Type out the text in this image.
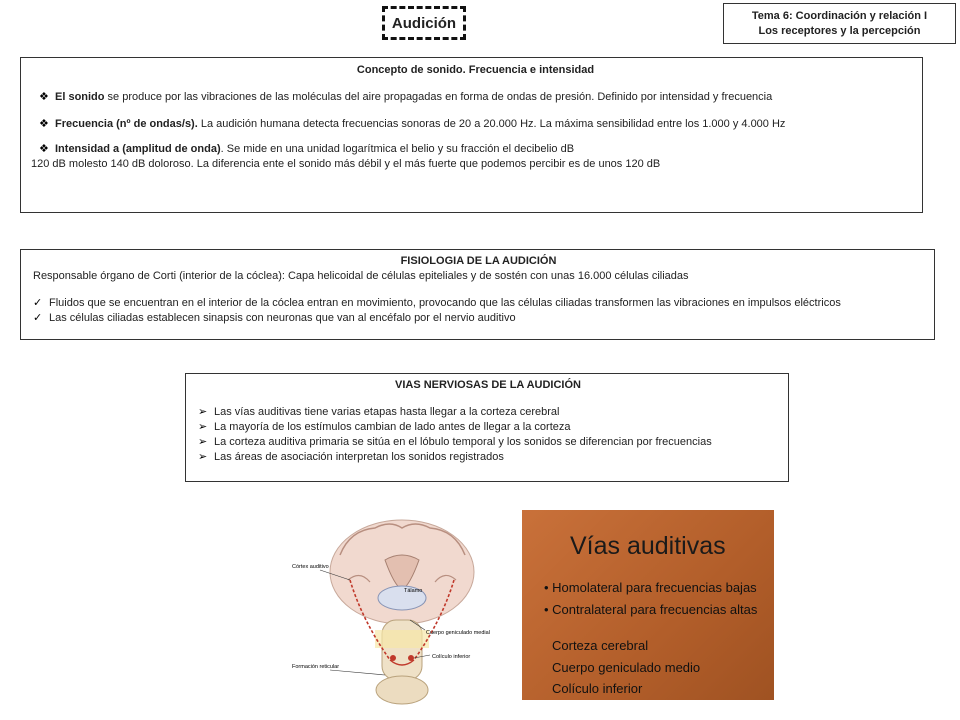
Audición	Tema 6: Coordinación y relación I
Los receptores y la percepción
Concepto de sonido. Frecuencia e intensidad
❖ El sonido se produce por las vibraciones de las moléculas del aire propagadas en forma de ondas de presión. Definido por intensidad y frecuencia
❖ Frecuencia (nº de ondas/s). La audición humana detecta frecuencias sonoras de 20 a 20.000 Hz. La máxima sensibilidad entre los 1.000 y 4.000 Hz
❖ Intensidad a (amplitud de onda). Se mide en una unidad logarítmica el belio y su fracción el decibelio dB
120 dB molesto 140 dB doloroso. La diferencia ente el sonido más débil y el más fuerte que podemos percibir es de unos 120 dB
FISIOLOGIA DE LA AUDICIÓN
Responsable órgano de Corti (interior de la cóclea): Capa helicoidal de células epiteliales y de sostén con unas 16.000 células ciliadas
✓ Fluidos que se encuentran en el interior de la cóclea entran en movimiento, provocando que las células ciliadas transformen las vibraciones en impulsos eléctricos
✓ Las células ciliadas establecen sinapsis con neuronas que van al encéfalo por el nervio auditivo
VIAS NERVIOSAS DE LA AUDICIÓN
➢ Las vías auditivas tiene varias etapas hasta llegar a la corteza cerebral
➢ La mayoría de los estímulos cambian de lado antes de llegar a la corteza
➢ La corteza auditiva primaria se sitúa en el lóbulo temporal y los sonidos se diferencian por frecuencias
➢ Las áreas de asociación interpretan los sonidos registrados
Córtex auditivo
Tálamo
Cuerpo geniculado medial
Colículo inferior
Formación reticular
Vías auditivas
• Homolateral para frecuencias bajas
• Contralateral para frecuencias altas
Corteza cerebral
Cuerpo geniculado medio
Colículo inferior
